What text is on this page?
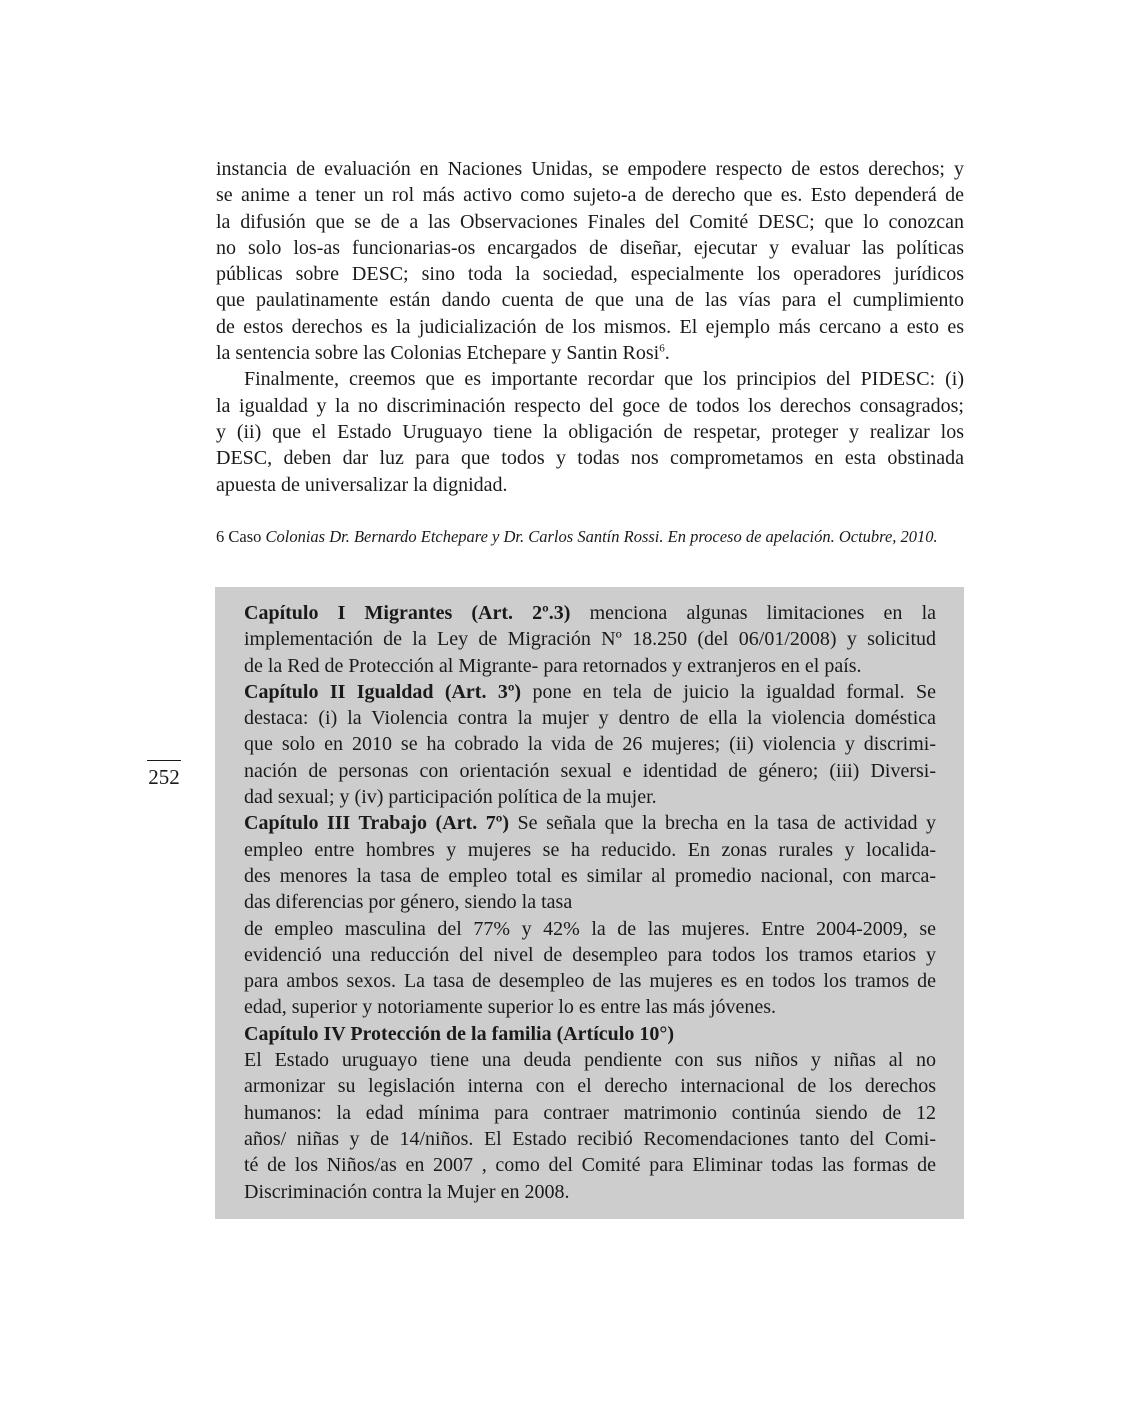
instancia de evaluación en Naciones Unidas, se empodere respecto de estos derechos; y
se anime a tener un rol más activo como sujeto-a de derecho que es. Esto dependerá de
la difusión que se de a las Observaciones Finales del Comité DESC; que lo conozcan
no solo los-as funcionarias-os encargados de diseñar, ejecutar y evaluar las políticas
públicas sobre DESC; sino toda la sociedad, especialmente los operadores jurídicos
que paulatinamente están dando cuenta de que una de las vías para el cumplimiento
de estos derechos es la judicialización de los mismos. El ejemplo más cercano a esto es
la sentencia sobre las Colonias Etchepare y Santin Rosi$^6$.
Finalmente, creemos que es importante recordar que los principios del PIDESC: (i)
la igualdad y la no discriminación respecto del goce de todos los derechos consagrados;
y (ii) que el Estado Uruguayo tiene la obligación de respetar, proteger y realizar los
DESC, deben dar luz para que todos y todas nos comprometamos en esta obstinada
apuesta de universalizar la dignidad.
6 Caso Colonias Dr. Bernardo Etchepare y Dr. Carlos Santín Rossi. En proceso de apelación. Octubre, 2010.
252
Capítulo I Migrantes (Art. 2º.3) menciona algunas limitaciones en la
implementación de la Ley de Migración Nº 18.250 (del 06/01/2008) y solicitud
de la Red de Protección al Migrante- para retornados y extranjeros en el país.
Capítulo II Igualdad (Art. 3º) pone en tela de juicio la igualdad formal. Se
destaca: (i) la Violencia contra la mujer y dentro de ella la violencia doméstica
que solo en 2010 se ha cobrado la vida de 26 mujeres; (ii) violencia y discrimi-
nación de personas con orientación sexual e identidad de género; (iii) Diversi-
dad sexual; y (iv) participación política de la mujer.
Capítulo III Trabajo (Art. 7º) Se señala que la brecha en la tasa de actividad y
empleo entre hombres y mujeres se ha reducido. En zonas rurales y localida-
des menores la tasa de empleo total es similar al promedio nacional, con marca-
das diferencias por género, siendo la tasa
de empleo masculina del 77% y 42% la de las mujeres. Entre 2004-2009, se
evidenció una reducción del nivel de desempleo para todos los tramos etarios y
para ambos sexos. La tasa de desempleo de las mujeres es en todos los tramos de
edad, superior y notoriamente superior lo es entre las más jóvenes.
Capítulo IV Protección de la familia (Artículo 10°)
El Estado uruguayo tiene una deuda pendiente con sus niños y niñas al no
armonizar su legislación interna con el derecho internacional de los derechos
humanos: la edad mínima para contraer matrimonio continúa siendo de 12
años/ niñas y de 14/niños. El Estado recibió Recomendaciones tanto del Comi-
té de los Niños/as en 2007 , como del Comité para Eliminar todas las formas de
Discriminación contra la Mujer en 2008.
